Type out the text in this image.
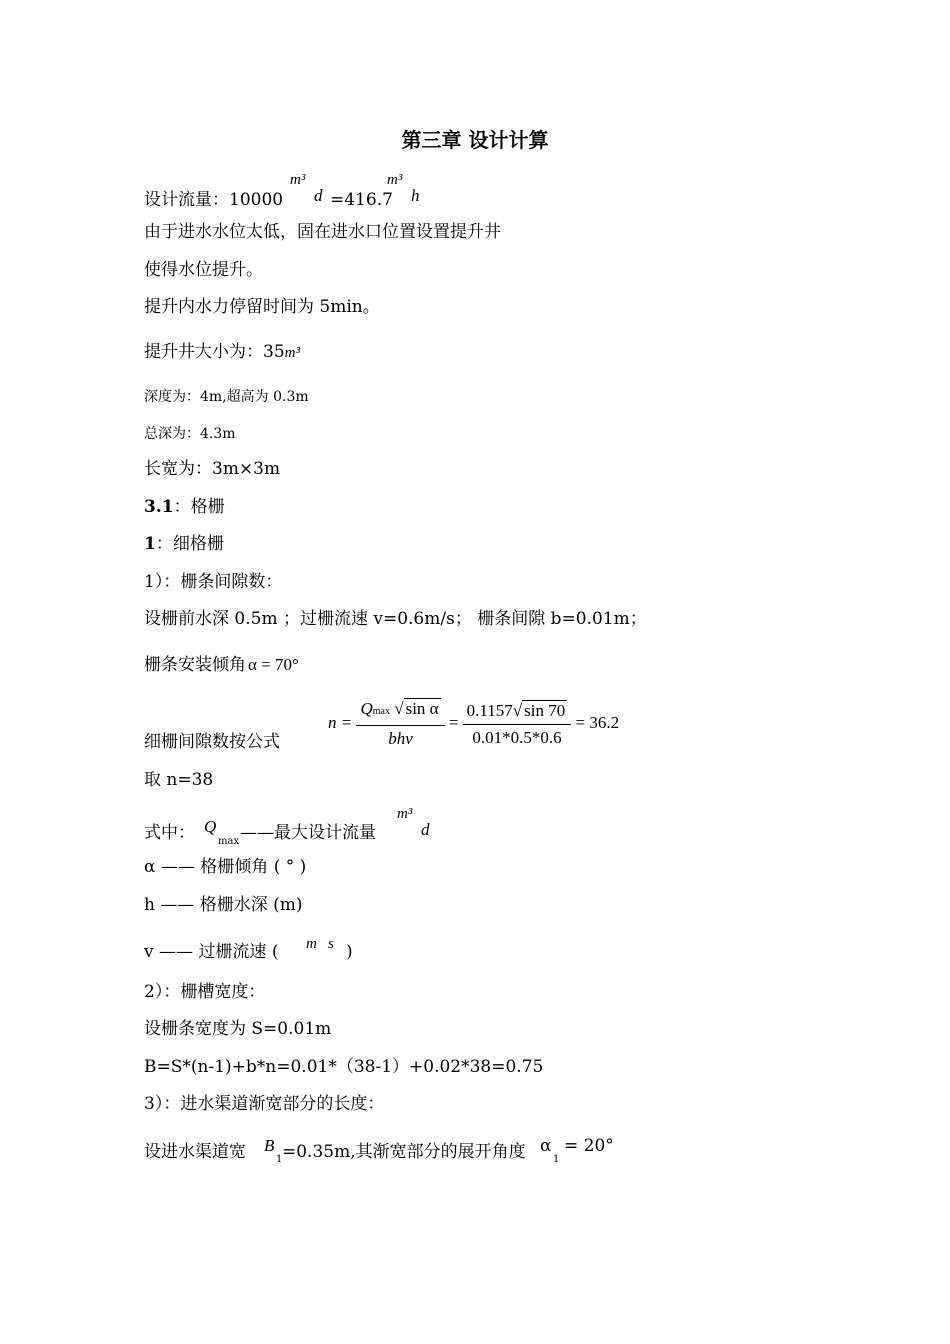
第三章 设计计算
设计流量：10000
m³
d =416.7
m³
h
由于进水水位太低，固在进水口位置设置提升井
使得水位提升。
提升内水力停留时间为 5min。
提升井大小为：35m³
深度为：4m,超高为 0.3m
总深为：4.3m
长宽为：3m×3m
3.1：格栅
1：细格栅
1）：栅条间隙数：
设栅前水深 0.5m ；过栅流速 v=0.6m/s； 栅条间隙 b=0.01m；
栅条安装倾角 α = 70°
$n = \frac{\text{Qmax √ sin α}}{\text{bhv}} = \frac{0.1157√ \sin 70}{0.01*0.5*0.6} = 36.2$
细栅间隙数按公式
取 n=38
式中： Q
max ——最大设计流量
m³
d
α —— 格栅倾角 ( ° )
h —— 格栅水深 (m)
v —— 过栅流速 ( m s )
2）：栅槽宽度：
设栅条宽度为 S=0.01m
B=S*(n-1)+b*n=0.01*（38-1）+0.02*38=0.75
3）：进水渠道渐宽部分的长度：
设进水渠道宽 B
1 =0.35m,其渐宽部分的展开角度 α
1
= 20°
